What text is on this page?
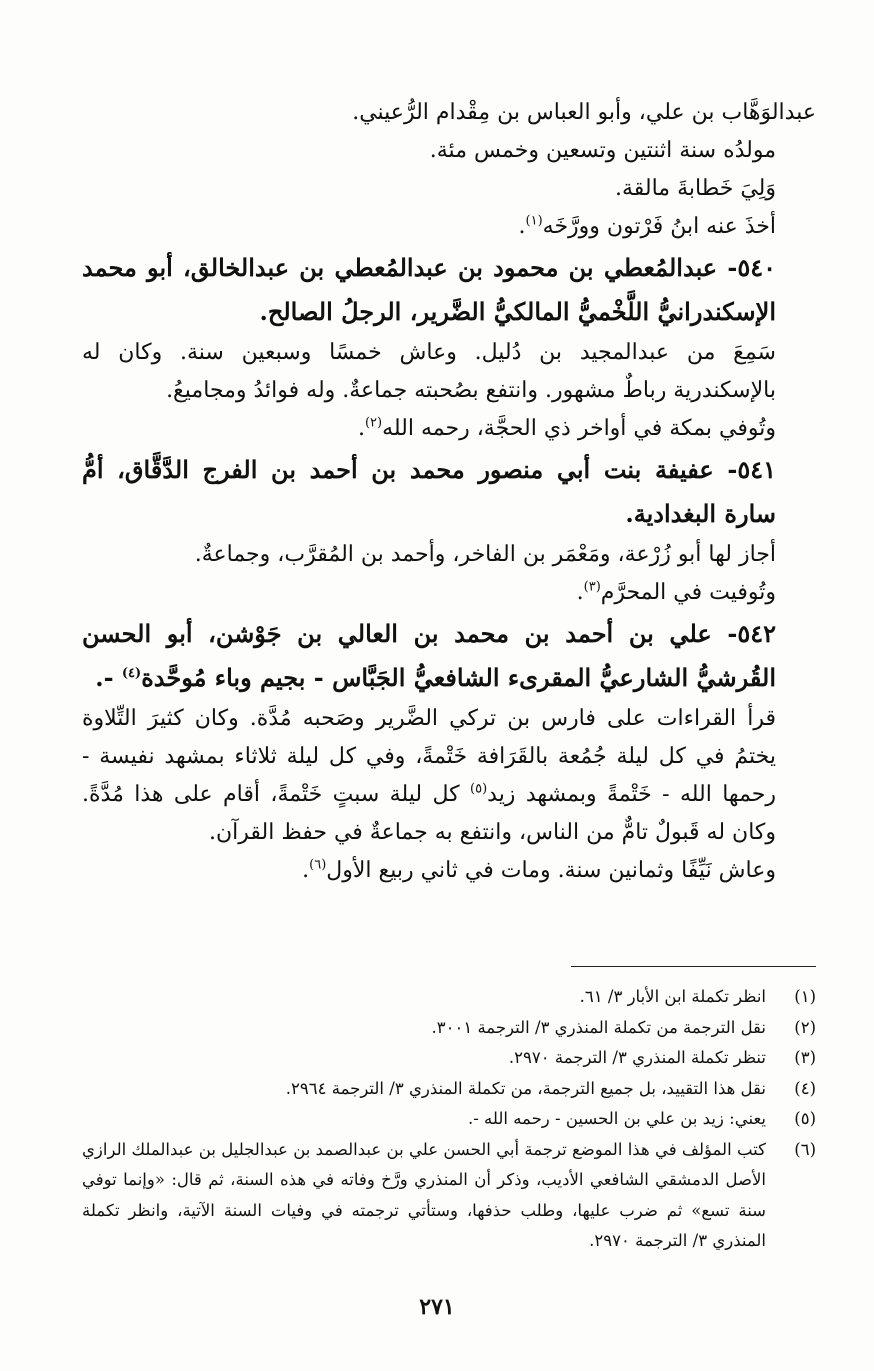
عبدالوَهَّاب بن علي، وأبو العباس بن مِقْدام الرُّعيني.

مولدُه سنة اثنتين وتسعين وخمس مئة.

وَلِيَ خَطابةَ مالقة.

أخذَ عنه ابنُ فَرْتون وورَّخَه$^{(١)}$.

٥٤٠- عبدالمُعطي بن محمود بن عبدالمُعطي بن عبدالخالق، أبو محمد الإسكندرانيُّ اللَّخْميُّ المالكيُّ الضَّرير، الرجلُ الصالح.

سَمِعَ من عبدالمجيد بن دُليل. وعاش خمسًا وسبعين سنة. وكان له بالإسكندرية رباطٌ مشهور. وانتفع بصُحبته جماعةٌ. وله فوائدُ ومجاميعُ.

وتُوفي بمكة في أواخر ذي الحجَّة، رحمه الله$^{(٢)}$.

٥٤١- عفيفة بنت أبي منصور محمد بن أحمد بن الفرج الدَّقَّاق، أمُّ سارة البغدادية.

أجاز لها أبو زُرْعة، ومَعْمَر بن الفاخر، وأحمد بن المُقرَّب، وجماعةٌ.

وتُوفيت في المحرَّم$^{(٣)}$.

٥٤٢- علي بن أحمد بن محمد بن العالي بن جَوْشن، أبو الحسن القُرشيُّ الشارعيُّ المقرىء الشافعيُّ الجَبَّاس - بجيم وباء مُوحَّدة$^{(٤)}$ -.

قرأ القراءات على فارس بن تركي الضَّرير وصَحبه مُدَّة. وكان كثيرَ التِّلاوة يختمُ في كل ليلة جُمُعة بالقَرَافة خَتْمةً، وفي كل ليلة ثلاثاء بمشهد نفيسة - رحمها الله - خَتْمةً وبمشهد زيد$^{(٥)}$ كل ليلة سبتٍ خَتْمةً، أقام على هذا مُدَّةً. وكان له قَبولٌ تامٌّ من الناس، وانتفع به جماعةٌ في حفظ القرآن.

وعاش نَيِّفًا وثمانين سنة. ومات في ثاني ربيع الأول$^{(٦)}$.

(١)
انظر تكملة ابن الأبار ٣/ ٦١.
(٢)
نقل الترجمة من تكملة المنذري ٣/ الترجمة ٣٠٠١.
(٣)
تنظر تكملة المنذري ٣/ الترجمة ٢٩٧٠.
(٤)
نقل هذا التقييد، بل جميع الترجمة، من تكملة المنذري ٣/ الترجمة ٢٩٦٤.
(٥)
يعني: زيد بن علي بن الحسين - رحمه الله -.
(٦)
كتب المؤلف في هذا الموضع ترجمة أبي الحسن علي بن عبدالصمد بن عبدالجليل بن عبدالملك الرازي الأصل الدمشقي الشافعي الأديب، وذكر أن المنذري ورَّخ وفاته في هذه السنة، ثم قال: «وإنما توفي سنة تسع» ثم ضرب عليها، وطلب حذفها، وستأتي ترجمته في وفيات السنة الآتية، وانظر تكملة المنذري ٣/ الترجمة ٢٩٧٠.
٢٧١
